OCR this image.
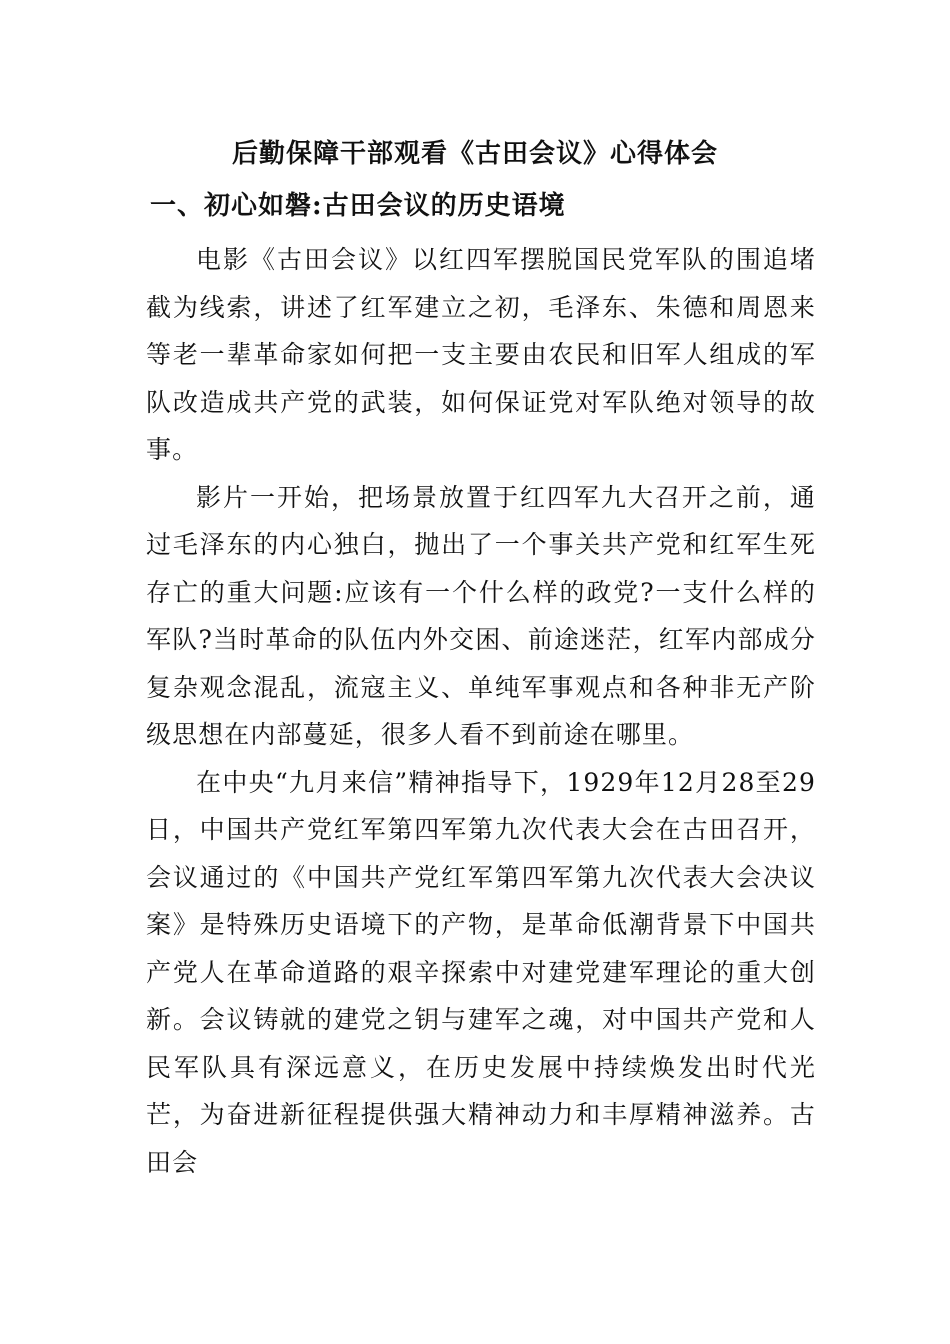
后勤保障干部观看《古田会议》心得体会
一、初心如磐:古田会议的历史语境

电影《古田会议》以红四军摆脱国民党军队的围追堵截为线索，讲述了红军建立之初，毛泽东、朱德和周恩来等老一辈革命家如何把一支主要由农民和旧军人组成的军队改造成共产党的武装，如何保证党对军队绝对领导的故事。

影片一开始，把场景放置于红四军九大召开之前，通过毛泽东的内心独白，抛出了一个事关共产党和红军生死存亡的重大问题:应该有一个什么样的政党?一支什么样的军队?当时革命的队伍内外交困、前途迷茫，红军内部成分复杂观念混乱，流寇主义、单纯军事观点和各种非无产阶级思想在内部蔓延，很多人看不到前途在哪里。

在中央“九月来信”精神指导下，1929年12月28至29日，中国共产党红军第四军第九次代表大会在古田召开，会议通过的《中国共产党红军第四军第九次代表大会决议案》是特殊历史语境下的产物，是革命低潮背景下中国共产党人在革命道路的艰辛探索中对建党建军理论的重大创新。会议铸就的建党之钥与建军之魂，对中国共产党和人民军队具有深远意义，在历史发展中持续焕发出时代光芒，为奋进新征程提供强大精神动力和丰厚精神滋养。古田会
